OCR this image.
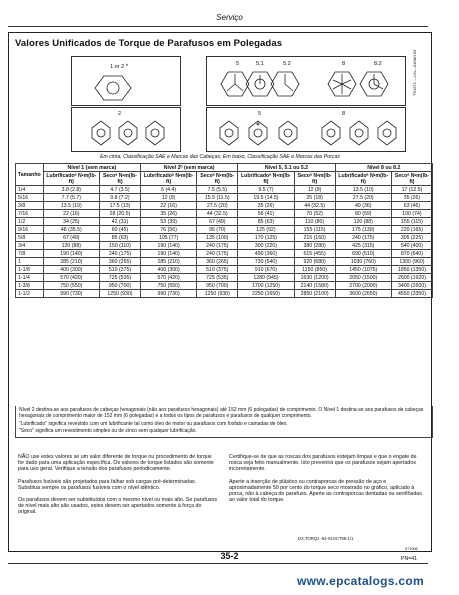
Serviço
Valores Unificados de Torque de Parafusos em Polegadas
1 or 2 b	5	5.1	5.2	8	8.2
2	5	8
TS1671 —UN—01MAY03
Em cima, Classificação SAE e Marcas das Cabeças; Em baixo, Classificação SAE e Marcas das Porcas
Tamanho	Nível 1 (sem marca)		Nível 2ᵇ (sem marca)		Nível 5, 5.1 ou 5.2		Nível 8 ou 8.2	
	Lubrificadoᵃ N•m(lb-ft)	Secoᵃ N•m(lb-ft)	Lubrificadoᵃ N•m(lb-ft)	Secoᵃ N•m(lb-ft)	Lubrificadoᵃ N•m(lb-ft)	Secoᵃ N•m(lb-ft)	Lubrificadoᵃ N•m(lb-ft)	Secoᵃ N•m(lb-ft)
1/4	3.8 (2.8)	4.7 (3.5)	6 (4.4)	7.5 (5.5)	9.5 (7)	12 (9)	13.5 (10)	17 (12.5)
5/16	7.7 (5.7)	9.8 (7.2)	12 (9)	15.5 (11.5)	19.5 (14.5)	25 (18)	27.5 (20)	35 (26)
3/8	13.5 (10)	17.5 (13)	22 (16)	27.5 (20)	35 (26)	44 (32.5)	49 (36)	63 (46)
7/16	22 (16)	28 (20.5)	35 (26)	44 (32.5)	56 (41)	70 (52)	80 (59)	100 (74)
1/2	34 (25)	42 (31)	53 (39)	67 (49)	85 (63)	110 (80)	120 (88)	155 (115)
9/16	48 (35.5)	60 (45)	76 (56)	95 (70)	125 (92)	155 (115)	175 (130)	220 (165)
5/8	67 (49)	85 (63)	105 (77)	135 (100)	170 (125)	215 (160)	240 (175)	305 (225)
3/4	120 (88)	150 (110)	190 (140)	240 (175)	300 (220)	380 (280)	425 (315)	540 (400)
7/8	190 (140)	240 (175)	190 (140)	240 (175)	490 (360)	615 (455)	690 (510)	870 (640)
1	285 (210)	360 (265)	285 (210)	360 (265)	730 (540)	920 (680)	1030 (760)	1300 (960)
1-1/8	400 (300)	510 (375)	400 (300)	510 (375)	910 (670)	1150 (850)	1450 (1075)	1850 (1350)
1-1/4	570 (420)	725 (535)	570 (420)	725 (535)	1280 (945)	1630 (1200)	2050 (1500)	2600 (1920)
1-3/8	750 (550)	950 (700)	750 (550)	950 (700)	1700 (1250)	2140 (1580)	2700 (2000)	3400 (2500)
1-1/2	990 (730)	1250 (930)	990 (730)	1250 (930)	2250 (1650)	2850 (2100)	3600 (2650)	4550 (3350)

Nível 2 destina-se aos parafusos de cabeças hexagonais (não aos parafusos hexagonais) até 152 mm (6 polegadas) de comprimento. O Nível 1 destina-se aos parafusos de cabeças hexagonais de comprimento maior de 152 mm (6 polegadas) e a todos os tipos de parafusos e parafusos de qualquer comprimento.

"Lubrificado" significa revestido com um lubrificante tal como óleo de motor ou parafusos com fosfato e camadas de óleo.

"Seco" significa um revestimento simples ou de zinco sem qualquer lubrificação.

NÃO use estes valores se um valor diferente de torque ou procedimento de torque for dado para uma aplicação específica. Os valores de torque listados são somente para uso geral. Verifique a tensão dos parafusos periodicamente.

Parafusos fusíveis são projetados para falhar sob cargas pré-determinadas. Substitua sempre os parafusos fusíveis com o nível idêntico.

Os parafusos devem ser substituídos com o mesmo nível ou mais alto. Se parafusos de nível mais alto são usados, estes devem ser apertados somente à força do original.

Certifique-se de que as roscas dos parafusos estejam limpas e que o engate de rosca seja feito manualmente. Isto prevenirá que os parafusos sejam apertados incorretamente.

Aperte a inserção de plástico ou contraporcas de pressão de aço e aproximadamente 50 por cento do torque seco mostrado no gráfico, aplicado à porca, não à cabeça do parafuso. Aperte as contraporcas dentadas ou serrilhadas ao valor total do torque.

DX,TORQ1 -54-01OCT99-1/1
071906
35-2	PN=41
www.epcatalogs.com
